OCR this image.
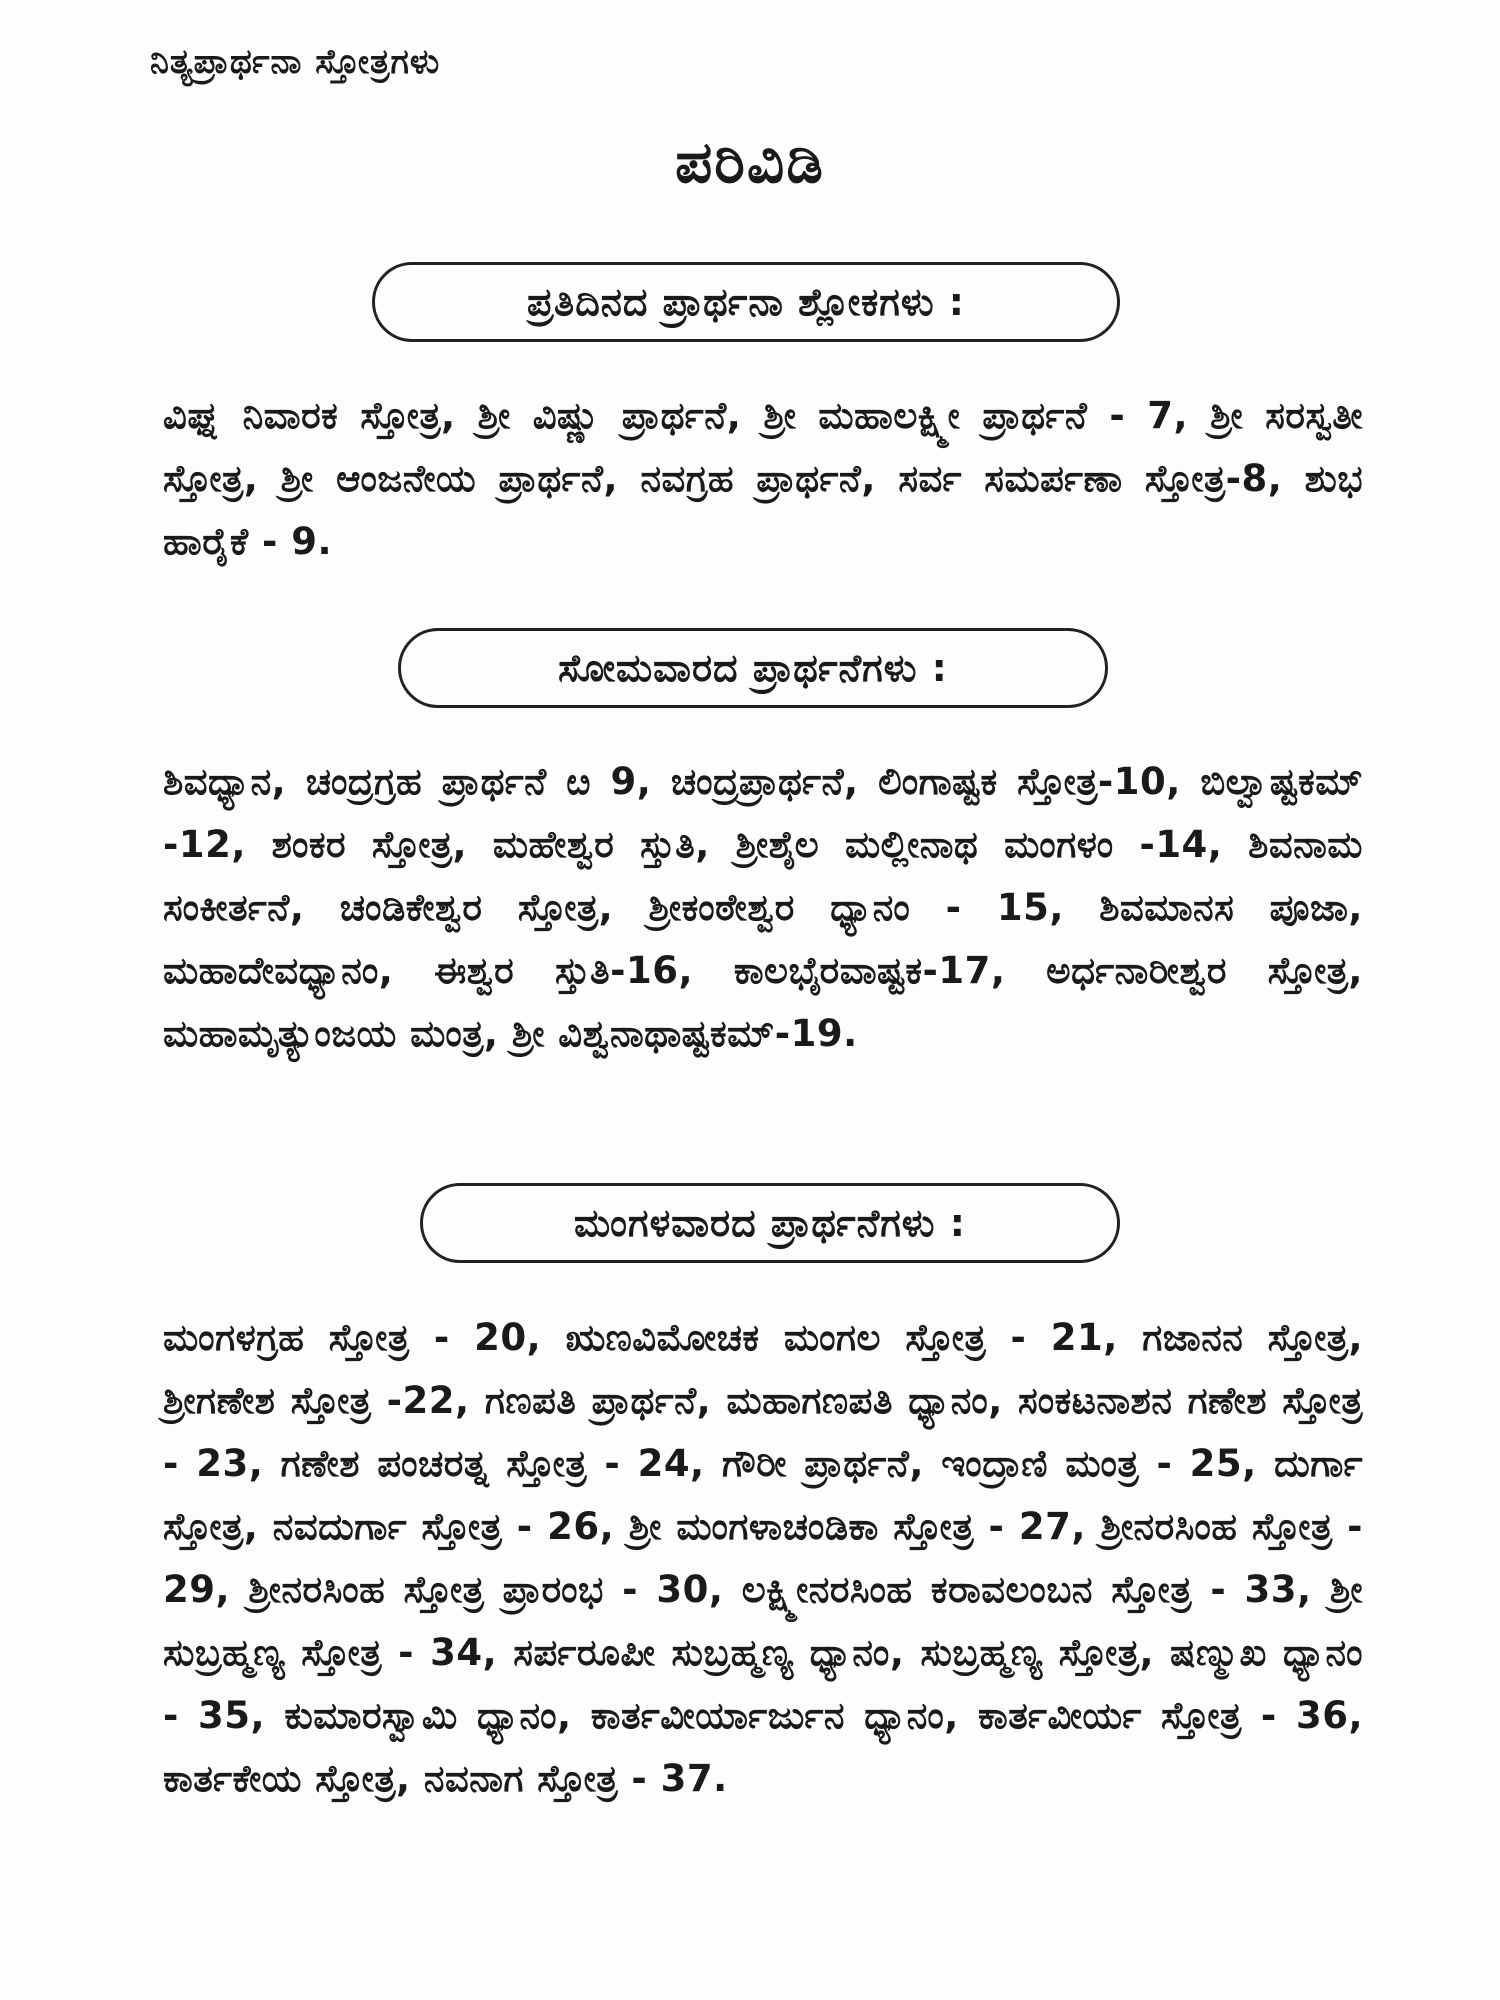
ನಿತ್ಯಪ್ರಾರ್ಥನಾ ಸ್ತೋತ್ರಗಳು
ಪರಿವಿಡಿ
ಪ್ರತಿದಿನದ ಪ್ರಾರ್ಥನಾ ಶ್ಲೋಕಗಳು :
ವಿಘ್ನ ನಿವಾರಕ ಸ್ತೋತ್ರ, ಶ್ರೀ ವಿಷ್ಣು ಪ್ರಾರ್ಥನೆ, ಶ್ರೀ ಮಹಾಲಕ್ಷ್ಮೀ ಪ್ರಾರ್ಥನೆ - 7, ಶ್ರೀ ಸರಸ್ವತೀ ಸ್ತೋತ್ರ, ಶ್ರೀ ಆಂಜನೇಯ ಪ್ರಾರ್ಥನೆ, ನವಗ್ರಹ ಪ್ರಾರ್ಥನೆ, ಸರ್ವ ಸಮರ್ಪಣಾ ಸ್ತೋತ್ರ-8, ಶುಭ ಹಾರೈಕೆ - 9.
ಸೋಮವಾರದ ಪ್ರಾರ್ಥನೆಗಳು :
ಶಿವಧ್ಯಾನ, ಚಂದ್ರಗ್ರಹ ಪ್ರಾರ್ಥನೆ ೞ 9, ಚಂದ್ರಪ್ರಾರ್ಥನೆ, ಲಿಂಗಾಷ್ಟಕ ಸ್ತೋತ್ರ-10, ಬಿಲ್ವಾಷ್ಟಕಮ್ -12, ಶಂಕರ ಸ್ತೋತ್ರ, ಮಹೇಶ್ವರ ಸ್ತುತಿ, ಶ್ರೀಶೈಲ ಮಲ್ಲೀನಾಥ ಮಂಗಳಂ -14, ಶಿವನಾಮ ಸಂಕೀರ್ತನೆ, ಚಂಡಿಕೇಶ್ವರ ಸ್ತೋತ್ರ, ಶ್ರೀಕಂಠೇಶ್ವರ ಧ್ಯಾನಂ - 15, ಶಿವಮಾನಸ ಪೂಜಾ, ಮಹಾದೇವಧ್ಯಾನಂ, ಈಶ್ವರ ಸ್ತುತಿ-16, ಕಾಲಭೈರವಾಷ್ಟಕ-17, ಅರ್ಧನಾರೀಶ್ವರ ಸ್ತೋತ್ರ, ಮಹಾಮೃತ್ಯುಂಜಯ ಮಂತ್ರ, ಶ್ರೀ ವಿಶ್ವನಾಥಾಷ್ಟಕಮ್-19.
ಮಂಗಳವಾರದ ಪ್ರಾರ್ಥನೆಗಳು :
ಮಂಗಳಗ್ರಹ ಸ್ತೋತ್ರ - 20, ಋಣವಿಮೋಚಕ ಮಂಗಲ ಸ್ತೋತ್ರ - 21, ಗಜಾನನ ಸ್ತೋತ್ರ, ಶ್ರೀಗಣೇಶ ಸ್ತೋತ್ರ -22, ಗಣಪತಿ ಪ್ರಾರ್ಥನೆ, ಮಹಾಗಣಪತಿ ಧ್ಯಾನಂ, ಸಂಕಟನಾಶನ ಗಣೇಶ ಸ್ತೋತ್ರ - 23, ಗಣೇಶ ಪಂಚರತ್ನ ಸ್ತೋತ್ರ - 24, ಗೌರೀ ಪ್ರಾರ್ಥನೆ, ಇಂದ್ರಾಣಿ ಮಂತ್ರ - 25, ದುರ್ಗಾ ಸ್ತೋತ್ರ, ನವದುರ್ಗಾ ಸ್ತೋತ್ರ - 26, ಶ್ರೀ ಮಂಗಳಾಚಂಡಿಕಾ ಸ್ತೋತ್ರ - 27, ಶ್ರೀನರಸಿಂಹ ಸ್ತೋತ್ರ - 29, ಶ್ರೀನರಸಿಂಹ ಸ್ತೋತ್ರ ಪ್ರಾರಂಭ - 30, ಲಕ್ಷ್ಮೀನರಸಿಂಹ ಕರಾವಲಂಬನ ಸ್ತೋತ್ರ - 33, ಶ್ರೀ ಸುಬ್ರಹ್ಮಣ್ಯ ಸ್ತೋತ್ರ - 34, ಸರ್ಪರೂಪೀ ಸುಬ್ರಹ್ಮಣ್ಯ ಧ್ಯಾನಂ, ಸುಬ್ರಹ್ಮಣ್ಯ ಸ್ತೋತ್ರ, ಷಣ್ಮುಖ ಧ್ಯಾನಂ - 35, ಕುಮಾರಸ್ವಾಮಿ ಧ್ಯಾನಂ, ಕಾರ್ತವೀರ್ಯಾರ್ಜುನ ಧ್ಯಾನಂ, ಕಾರ್ತವೀರ್ಯ ಸ್ತೋತ್ರ - 36, ಕಾರ್ತಕೇಯ ಸ್ತೋತ್ರ, ನವನಾಗ ಸ್ತೋತ್ರ - 37.
